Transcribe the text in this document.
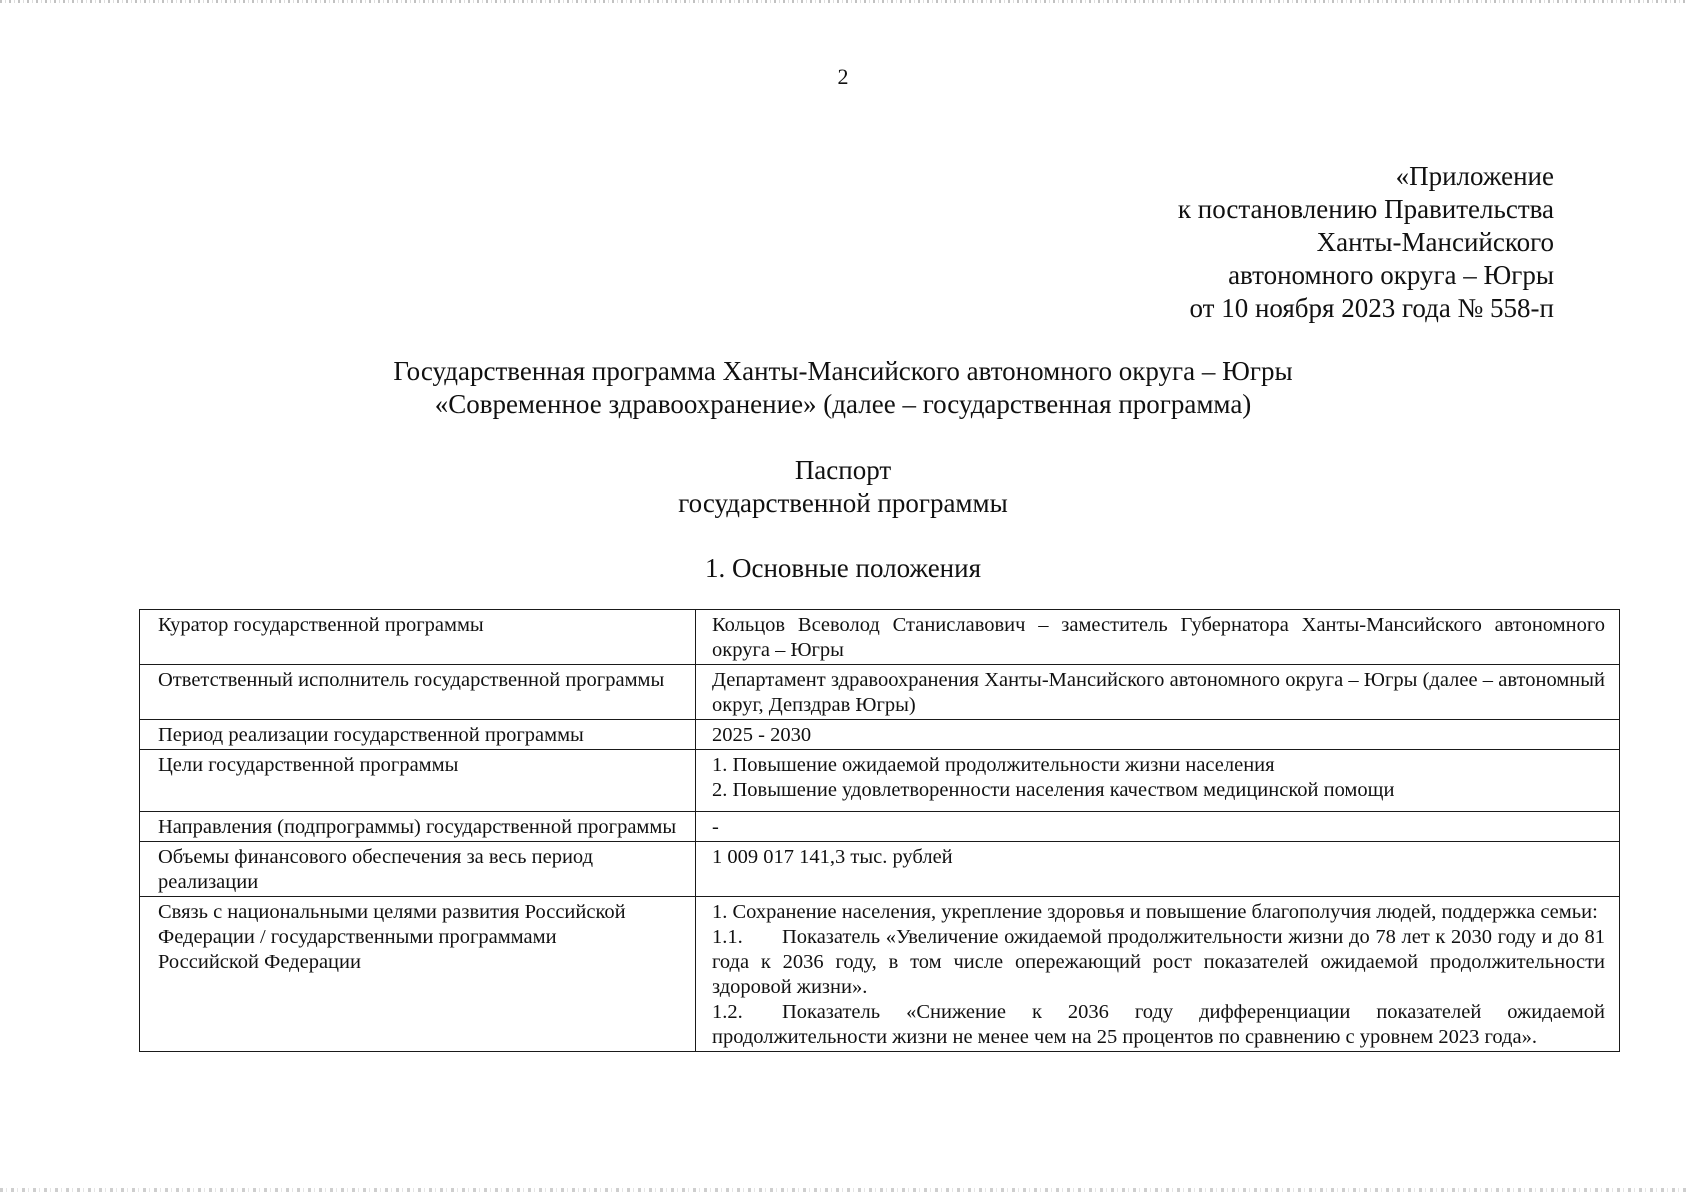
2
«Приложение
к постановлению Правительства
Ханты-Мансийского
автономного округа – Югры
от 10 ноября 2023 года № 558-п
Государственная программа Ханты-Мансийского автономного округа – Югры
«Современное здравоохранение» (далее – государственная программа)
Паспорт
государственной программы
1. Основные положения
Куратор государственной программы	Кольцов Всеволод Станиславович – заместитель Губернатора Ханты-Мансийского автономного округа – Югры
Ответственный исполнитель государственной программы	Департамент здравоохранения Ханты-Мансийского автономного округа – Югры (далее – автономный округ, Депздрав Югры)
Период реализации государственной программы	2025 - 2030
Цели государственной программы	1. Повышение ожидаемой продолжительности жизни населения
2. Повышение удовлетворенности населения качеством медицинской помощи

Направления (подпрограммы) государственной программы	-
Объемы финансового обеспечения за весь период реализации	1 009 017 141,3 тыс. рублей
Связь с национальными целями развития Российской Федерации / государственными программами Российской Федерации	1. Сохранение населения, укрепление здоровья и повышение благополучия людей, поддержка семьи:
1.1. Показатель «Увеличение ожидаемой продолжительности жизни до 78 лет к 2030 году и до 81 года к 2036 году, в том числе опережающий рост показателей ожидаемой продолжительности здоровой жизни».
1.2. Показатель «Снижение к 2036 году дифференциации показателей ожидаемой продолжительности жизни не менее чем на 25 процентов по сравнению с уровнем 2023 года».
